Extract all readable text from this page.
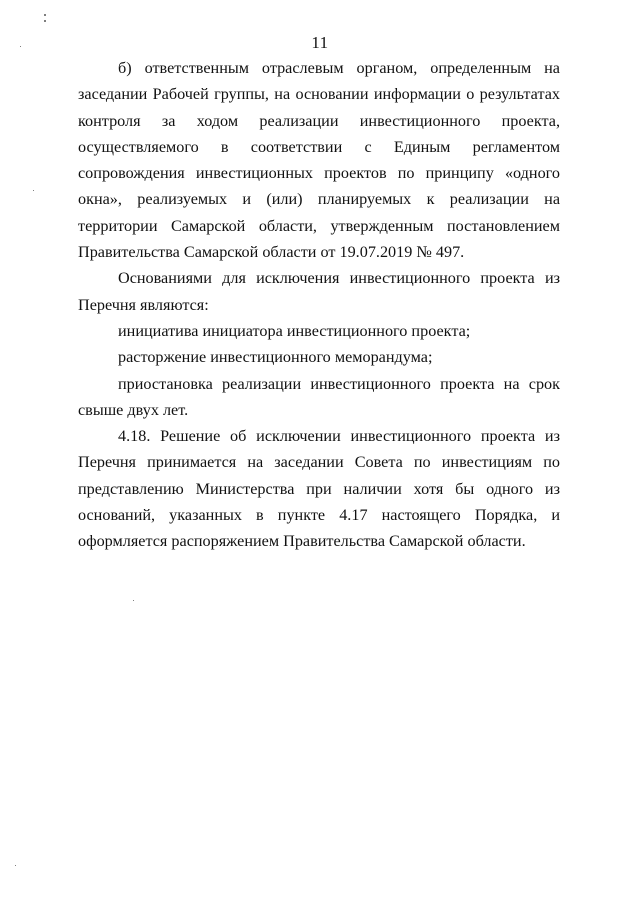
11

б) ответственным отраслевым органом, определенным на заседании Рабочей группы, на основании информации о результатах контроля за ходом реализации инвестиционного проекта, осуществляемого в соответствии с Единым регламентом сопровождения инвестиционных проектов по принципу «одного окна», реализуемых и (или) планируемых к реализации на территории Самарской области, утвержденным постановлением Правительства Самарской области от 19.07.2019 № 497.

Основаниями для исключения инвестиционного проекта из Перечня являются:

инициатива инициатора инвестиционного проекта;

расторжение инвестиционного меморандума;

приостановка реализации инвестиционного проекта на срок свыше двух лет.

4.18. Решение об исключении инвестиционного проекта из Перечня принимается на заседании Совета по инвестициям по представлению Министерства при наличии хотя бы одного из оснований, указанных в пункте 4.17 настоящего Порядка, и оформляется распоряжением Правительства Самарской области.
